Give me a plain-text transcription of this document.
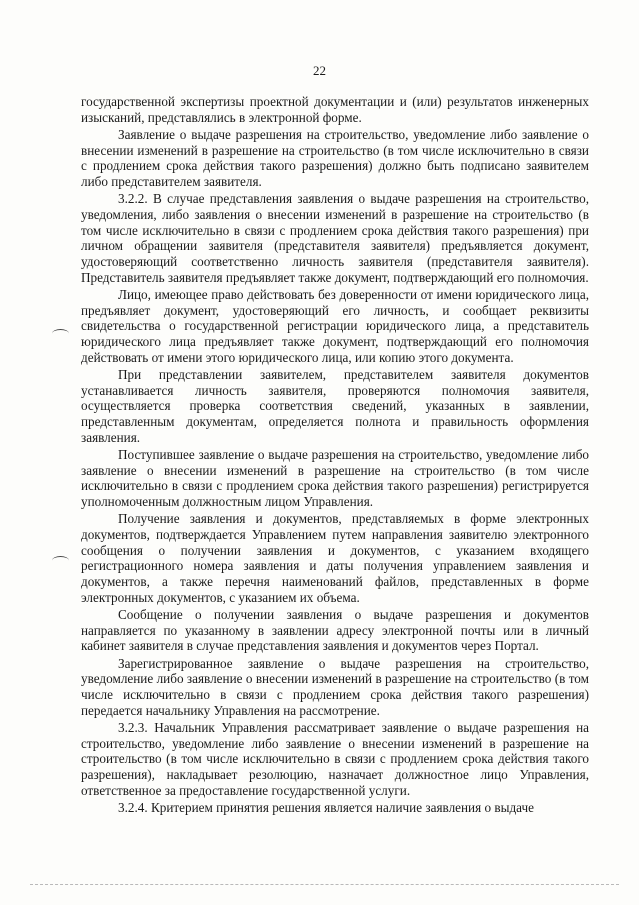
22

государственной экспертизы проектной документации и (или) результатов инженерных изысканий, представлялись в электронной форме.

Заявление о выдаче разрешения на строительство, уведомление либо заявление о внесении изменений в разрешение на строительство (в том числе исключительно в связи с продлением срока действия такого разрешения) должно быть подписано заявителем либо представителем заявителя.

3.2.2. В случае представления заявления о выдаче разрешения на строительство, уведомления, либо заявления о внесении изменений в разрешение на строительство (в том числе исключительно в связи с продлением срока действия такого разрешения) при личном обращении заявителя (представителя заявителя) предъявляется документ, удостоверяющий соответственно личность заявителя (представителя заявителя). Представитель заявителя предъявляет также документ, подтверждающий его полномочия.

Лицо, имеющее право действовать без доверенности от имени юридического лица, предъявляет документ, удостоверяющий его личность, и сообщает реквизиты свидетельства о государственной регистрации юридического лица, а представитель юридического лица предъявляет также документ, подтверждающий его полномочия действовать от имени этого юридического лица, или копию этого документа.

При представлении заявителем, представителем заявителя документов устанавливается личность заявителя, проверяются полномочия заявителя, осуществляется проверка соответствия сведений, указанных в заявлении, представленным документам, определяется полнота и правильность оформления заявления.

Поступившее заявление о выдаче разрешения на строительство, уведомление либо заявление о внесении изменений в разрешение на строительство (в том числе исключительно в связи с продлением срока действия такого разрешения) регистрируется уполномоченным должностным лицом Управления.

Получение заявления и документов, представляемых в форме электронных документов, подтверждается Управлением путем направления заявителю электронного сообщения о получении заявления и документов, с указанием входящего регистрационного номера заявления и даты получения управлением заявления и документов, а также перечня наименований файлов, представленных в форме электронных документов, с указанием их объема.

Сообщение о получении заявления о выдаче разрешения и документов направляется по указанному в заявлении адресу электронной почты или в личный кабинет заявителя в случае представления заявления и документов через Портал.

Зарегистрированное заявление о выдаче разрешения на строительство, уведомление либо заявление о внесении изменений в разрешение на строительство (в том числе исключительно в связи с продлением срока действия такого разрешения) передается начальнику Управления на рассмотрение.

3.2.3. Начальник Управления рассматривает заявление о выдаче разрешения на строительство, уведомление либо заявление о внесении изменений в разрешение на строительство (в том числе исключительно в связи с продлением срока действия такого разрешения), накладывает резолюцию, назначает должностное лицо Управления, ответственное за предоставление государственной услуги.

3.2.4. Критерием принятия решения является наличие заявления о выдаче
